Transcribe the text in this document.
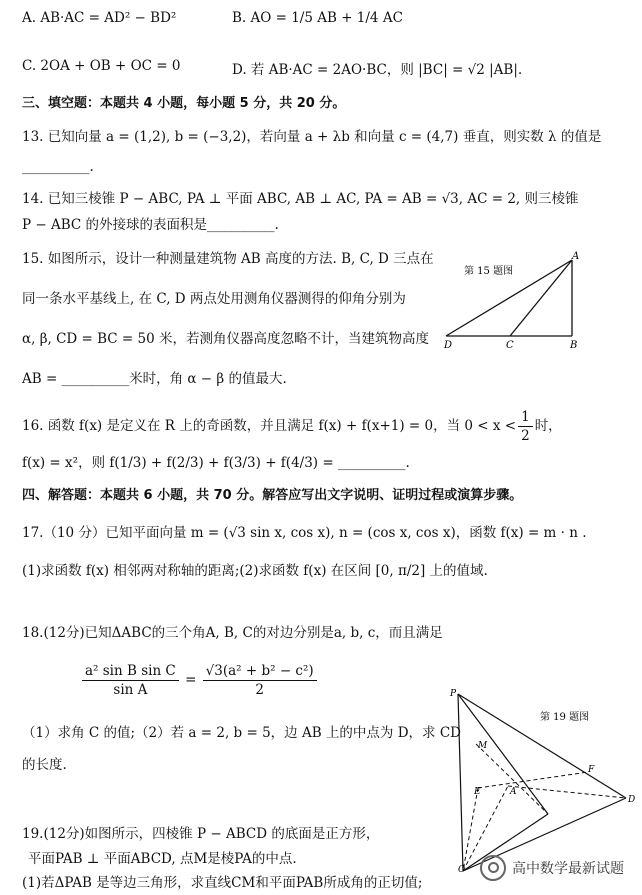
A. AB·AC = AD² − BD²	B. AO = 1/5 AB + 1/4 AC
C. 2OA + OB + OC = 0	D. 若 AB·AC = 2AO·BC，则 |BC| = √2 |AB|.
三、填空题：本题共 4 小题，每小题 5 分，共 20 分。
13. 已知向量 a = (1,2), b = (−3,2)，若向量 a + λb 和向量 c = (4,7) 垂直，则实数 λ 的值是
__________.
14. 已知三棱锥 P − ABC, PA ⊥ 平面 ABC, AB ⊥ AC, PA = AB = √3, AC = 2, 则三棱锥
P − ABC 的外接球的表面积是__________.
15. 如图所示，设计一种测量建筑物 AB 高度的方法. B, C, D 三点在
同一条水平基线上, 在 C, D 两点处用测角仪器测得的仰角分别为
α, β, CD = BC = 50 米，若测角仪器高度忽略不计，当建筑物高度
AB = __________米时，角 α − β 的值最大.
第 15 题图
A
B
C
D
16. 函数 f(x) 是定义在 R 上的奇函数，并且满足 f(x) + f(x+1) = 0，当 $0 < x < \frac{1}{2}$ 时，
f(x) = x²，则 f(1/3) + f(2/3) + f(3/3) + f(4/3) = __________.
四、解答题：本题共 6 小题，共 70 分。解答应写出文字说明、证明过程或演算步骤。
17.（10 分）已知平面向量 m = (√3 sin x, cos x), n = (cos x, cos x)，函数 f(x) = m · n .
(1)求函数 f(x) 相邻两对称轴的距离;(2)求函数 f(x) 在区间 [0, π/2] 上的值域.
18.(12分)已知ΔABC的三个角A, B, C的对边分别是a, b, c，而且满足
$\frac{\text{a² sin B sin C}}{\text{sin A}} = \frac{\text{√3(a² + b² − c²)}}{2}$
（1）求角 C 的值;（2）若 a = 2, b = 5，边 AB 上的中点为 D，求 CD
的长度.
第 19 题图
P
M
E
F
A
D
C
19.(12分)如图所示，四棱锥 P − ABCD 的底面是正方形，
平面PAB ⊥ 平面ABCD, 点M是棱PA的中点.
(1)若ΔPAB 是等边三角形，求直线CM和平面PAB所成角的正切值;
高中数学最新试题
